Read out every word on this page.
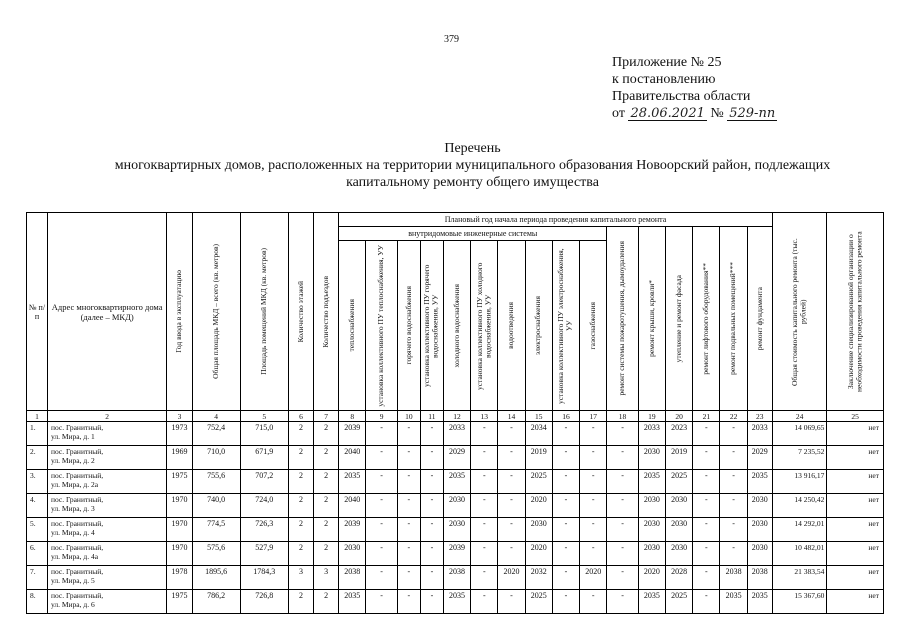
379
Приложение № 25
к постановлению
Правительства области
от 28.06.2021 № 529-пп
Перечень
многоквартирных домов, расположенных на территории муниципального образования Новоорский район, подлежащих
капитальному ремонту общего имущества
№ п/п	Адрес многоквартирного дома (далее – МКД)	Год ввода в эксплуатацию	Общая площадь МКД – всего (кв. метров)	Площадь помещений МКД (кв. метров)	Количество этажей	Количество подъездов	Плановый год начала периода проведения капитального ремонта																Общая стоимость капитального ремонта (тыс. рублей)	Заключение специализированной организации о необходимости проведения капитального ремонта

							внутридомовые инженерные системы										ремонт системы пожаротушения, дымоудаления	ремонт крыши, кровли*	утепление и ремонт фасада	ремонт лифтового оборудования**	ремонт подвальных помещений***	ремонт фундамента		

							теплоснабжения	установка коллективного ПУ теплоснабжения, УУ	горячего водоснабжения	установка коллективного ПУ горячего водоснабжения, УУ	холодного водоснабжения	установка коллективного ПУ холодного водоснабжения, УУ	водоотведения	электроснабжения	установка коллективного ПУ электроснабжения, УУ	газоснабжения								

1	2	3	4	5	6	7	8	9	10	11	12	13	14	15	16	17	18	19	20	21	22	23	24	25
1.	пос. Гранитный,
ул. Мира, д. 1	1973	752,4	715,0	2	2	2039	-	-	-	2033	-	-	2034	-	-	-	2033	2023	-	-	2033	14 069,65	нет
2.	пос. Гранитный,
ул. Мира, д. 2	1969	710,0	671,9	2	2	2040	-	-	-	2029	-	-	2019	-	-	-	2030	2019	-	-	2029	7 235,52	нет
3.	пос. Гранитный,
ул. Мира, д. 2а	1975	755,6	707,2	2	2	2035	-	-	-	2035	-	-	2025	-	-	-	2035	2025	-	-	2035	13 916,17	нет
4.	пос. Гранитный,
ул. Мира, д. 3	1970	740,0	724,0	2	2	2040	-	-	-	2030	-	-	2020	-	-	-	2030	2030	-	-	2030	14 250,42	нет
5.	пос. Гранитный,
ул. Мира, д. 4	1970	774,5	726,3	2	2	2039	-	-	-	2030	-	-	2030	-	-	-	2030	2030	-	-	2030	14 292,01	нет
6.	пос. Гранитный,
ул. Мира, д. 4а	1970	575,6	527,9	2	2	2030	-	-	-	2039	-	-	2020	-	-	-	2030	2030	-	-	2030	10 482,01	нет
7.	пос. Гранитный,
ул. Мира, д. 5	1978	1895,6	1784,3	3	3	2038	-	-	-	2038	-	2020	2032	-	2020	-	2020	2028	-	2038	2038	21 383,54	нет
8.	пос. Гранитный,
ул. Мира, д. 6	1975	786,2	726,8	2	2	2035	-	-	-	2035	-	-	2025	-	-	-	2035	2025	-	2035	2035	15 367,60	нет
